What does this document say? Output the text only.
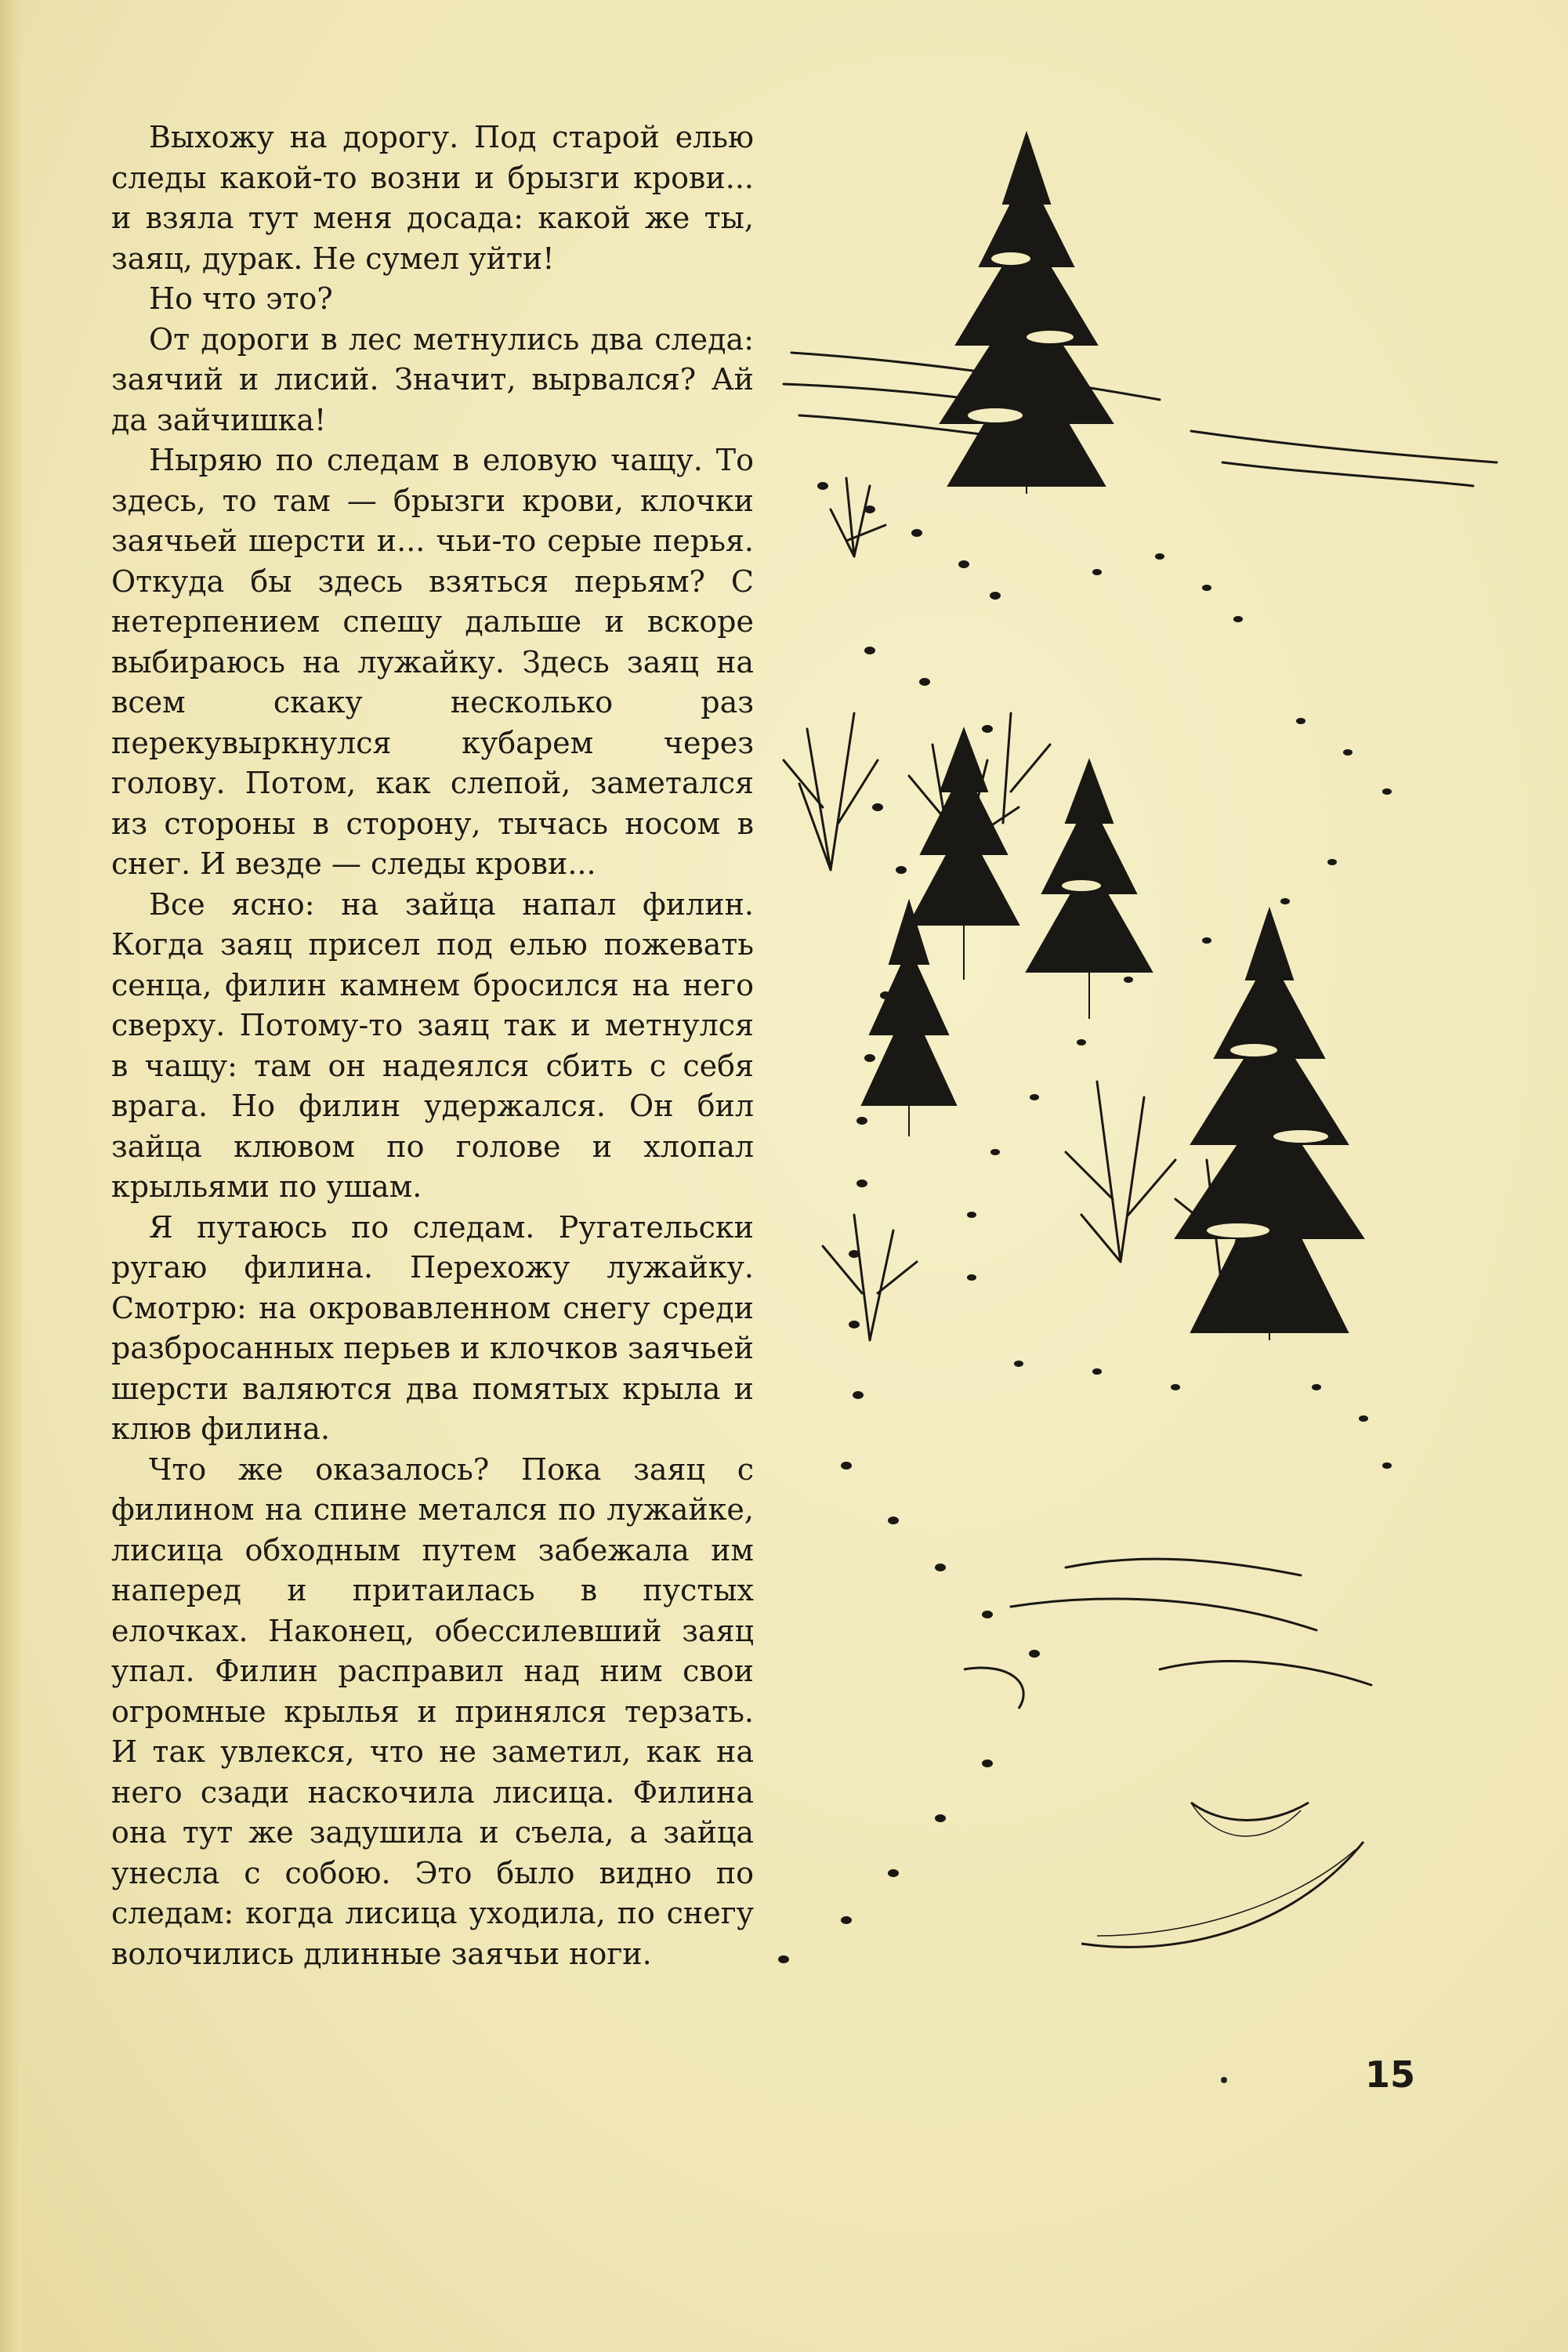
Выхожу на дорогу. Под старой елью следы какой-то возни и брызги крови... и взяла тут меня досада: какой же ты, заяц, дурак. Не сумел уйти!

Но что это?

От дороги в лес метнулись два следа: заячий и лисий. Значит, вырвался? Ай да зайчишка!

Ныряю по следам в еловую чащу. То здесь, то там — брызги крови, клочки заячьей шерсти и... чьи-то серые перья. Откуда бы здесь взяться перьям? С нетерпением спешу дальше и вскоре выбираюсь на лужайку. Здесь заяц на всем скаку несколько раз перекувыркнулся кубарем через голову. Потом, как слепой, заметался из стороны в сторону, тычась носом в снег. И везде — следы крови...

Все ясно: на зайца напал филин. Когда заяц присел под елью пожевать сенца, филин камнем бросился на него сверху. Потому-то заяц так и метнулся в чащу: там он надеялся сбить с себя врага. Но филин удержался. Он бил зайца клювом по голове и хлопал крыльями по ушам.

Я путаюсь по следам. Ругательски ругаю филина. Перехожу лужайку. Смотрю: на окровавленном снегу среди разбросанных перьев и клочков заячьей шерсти валяются два помятых крыла и клюв филина.

Что же оказалось? Пока заяц с филином на спине метался по лужайке, лисица обходным путем забежала им наперед и притаилась в пустых елочках. Наконец, обессилевший заяц упал. Филин расправил над ним свои огромные крылья и принялся терзать. И так увлекся, что не заметил, как на него сзади наскочила лисица. Филина она тут же задушила и съела, а зайца унесла с собою. Это было видно по следам: когда лисица уходила, по снегу волочились длинные заячьи ноги.

15
